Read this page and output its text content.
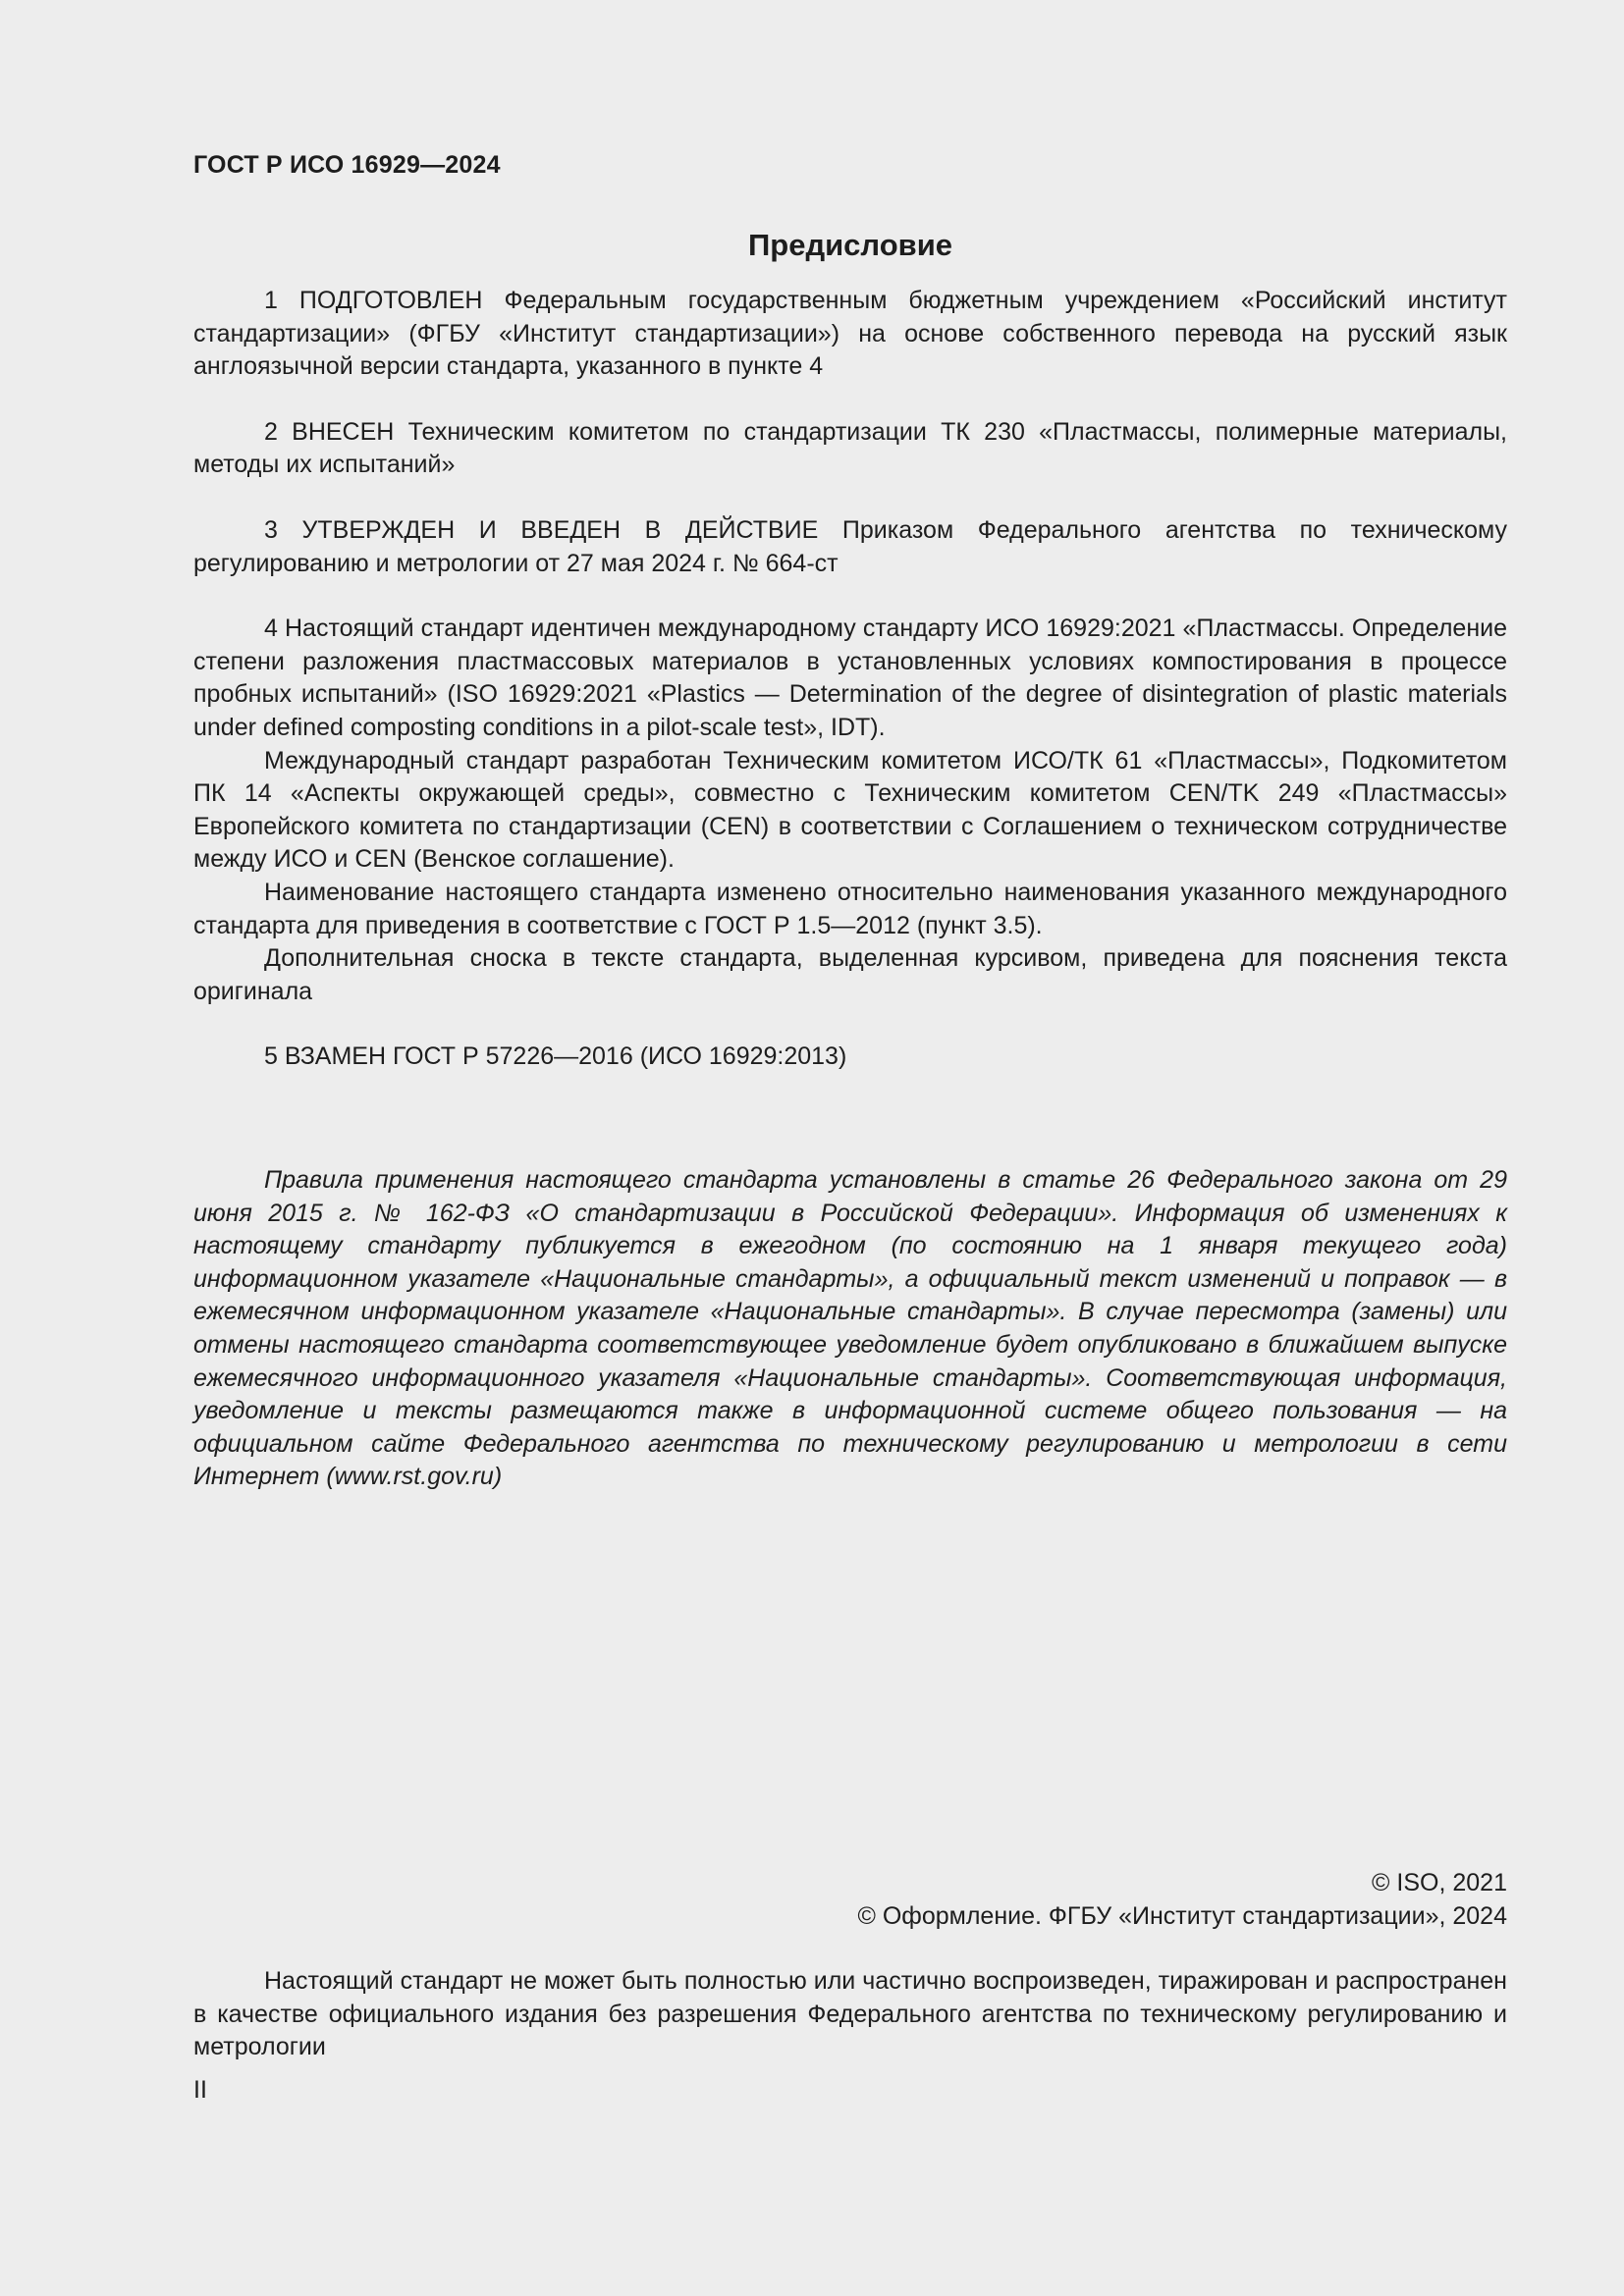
ГОСТ Р ИСО 16929—2024
Предисловие

1 ПОДГОТОВЛЕН Федеральным государственным бюджетным учреждением «Российский институт стандартизации» (ФГБУ «Институт стандартизации») на основе собственного перевода на русский язык англоязычной версии стандарта, указанного в пункте 4

2 ВНЕСЕН Техническим комитетом по стандартизации ТК 230 «Пластмассы, полимерные материалы, методы их испытаний»

3 УТВЕРЖДЕН И ВВЕДЕН В ДЕЙСТВИЕ Приказом Федерального агентства по техническому регулированию и метрологии от 27 мая 2024 г. № 664-ст

4 Настоящий стандарт идентичен международному стандарту ИСО 16929:2021 «Пластмассы. Определение степени разложения пластмассовых материалов в установленных условиях компостирования в процессе пробных испытаний» (ISO 16929:2021 «Plastics — Determination of the degree of disintegration of plastic materials under defined composting conditions in a pilot-scale test», IDT).

Международный стандарт разработан Техническим комитетом ИСО/ТК 61 «Пластмассы», Подкомитетом ПК 14 «Аспекты окружающей среды», совместно с Техническим комитетом CEN/TK 249 «Пластмассы» Европейского комитета по стандартизации (CEN) в соответствии с Соглашением о техническом сотрудничестве между ИСО и CEN (Венское соглашение).

Наименование настоящего стандарта изменено относительно наименования указанного международного стандарта для приведения в соответствие с ГОСТ Р 1.5—2012 (пункт 3.5).

Дополнительная сноска в тексте стандарта, выделенная курсивом, приведена для пояснения текста оригинала

5 ВЗАМЕН ГОСТ Р 57226—2016 (ИСО 16929:2013)

Правила применения настоящего стандарта установлены в статье 26 Федерального закона от 29 июня 2015 г. № 162-ФЗ «О стандартизации в Российской Федерации». Информация об изменениях к настоящему стандарту публикуется в ежегодном (по состоянию на 1 января текущего года) информационном указателе «Национальные стандарты», а официальный текст изменений и поправок — в ежемесячном информационном указателе «Национальные стандарты». В случае пересмотра (замены) или отмены настоящего стандарта соответствующее уведомление будет опубликовано в ближайшем выпуске ежемесячного информационного указателя «Национальные стандарты». Соответствующая информация, уведомление и тексты размещаются также в информационной системе общего пользования — на официальном сайте Федерального агентства по техническому регулированию и метрологии в сети Интернет (www.rst.gov.ru)

© ISO, 2021
© Оформление. ФГБУ «Институт стандартизации», 2024

Настоящий стандарт не может быть полностью или частично воспроизведен, тиражирован и распространен в качестве официального издания без разрешения Федерального агентства по техническому регулированию и метрологии

II
